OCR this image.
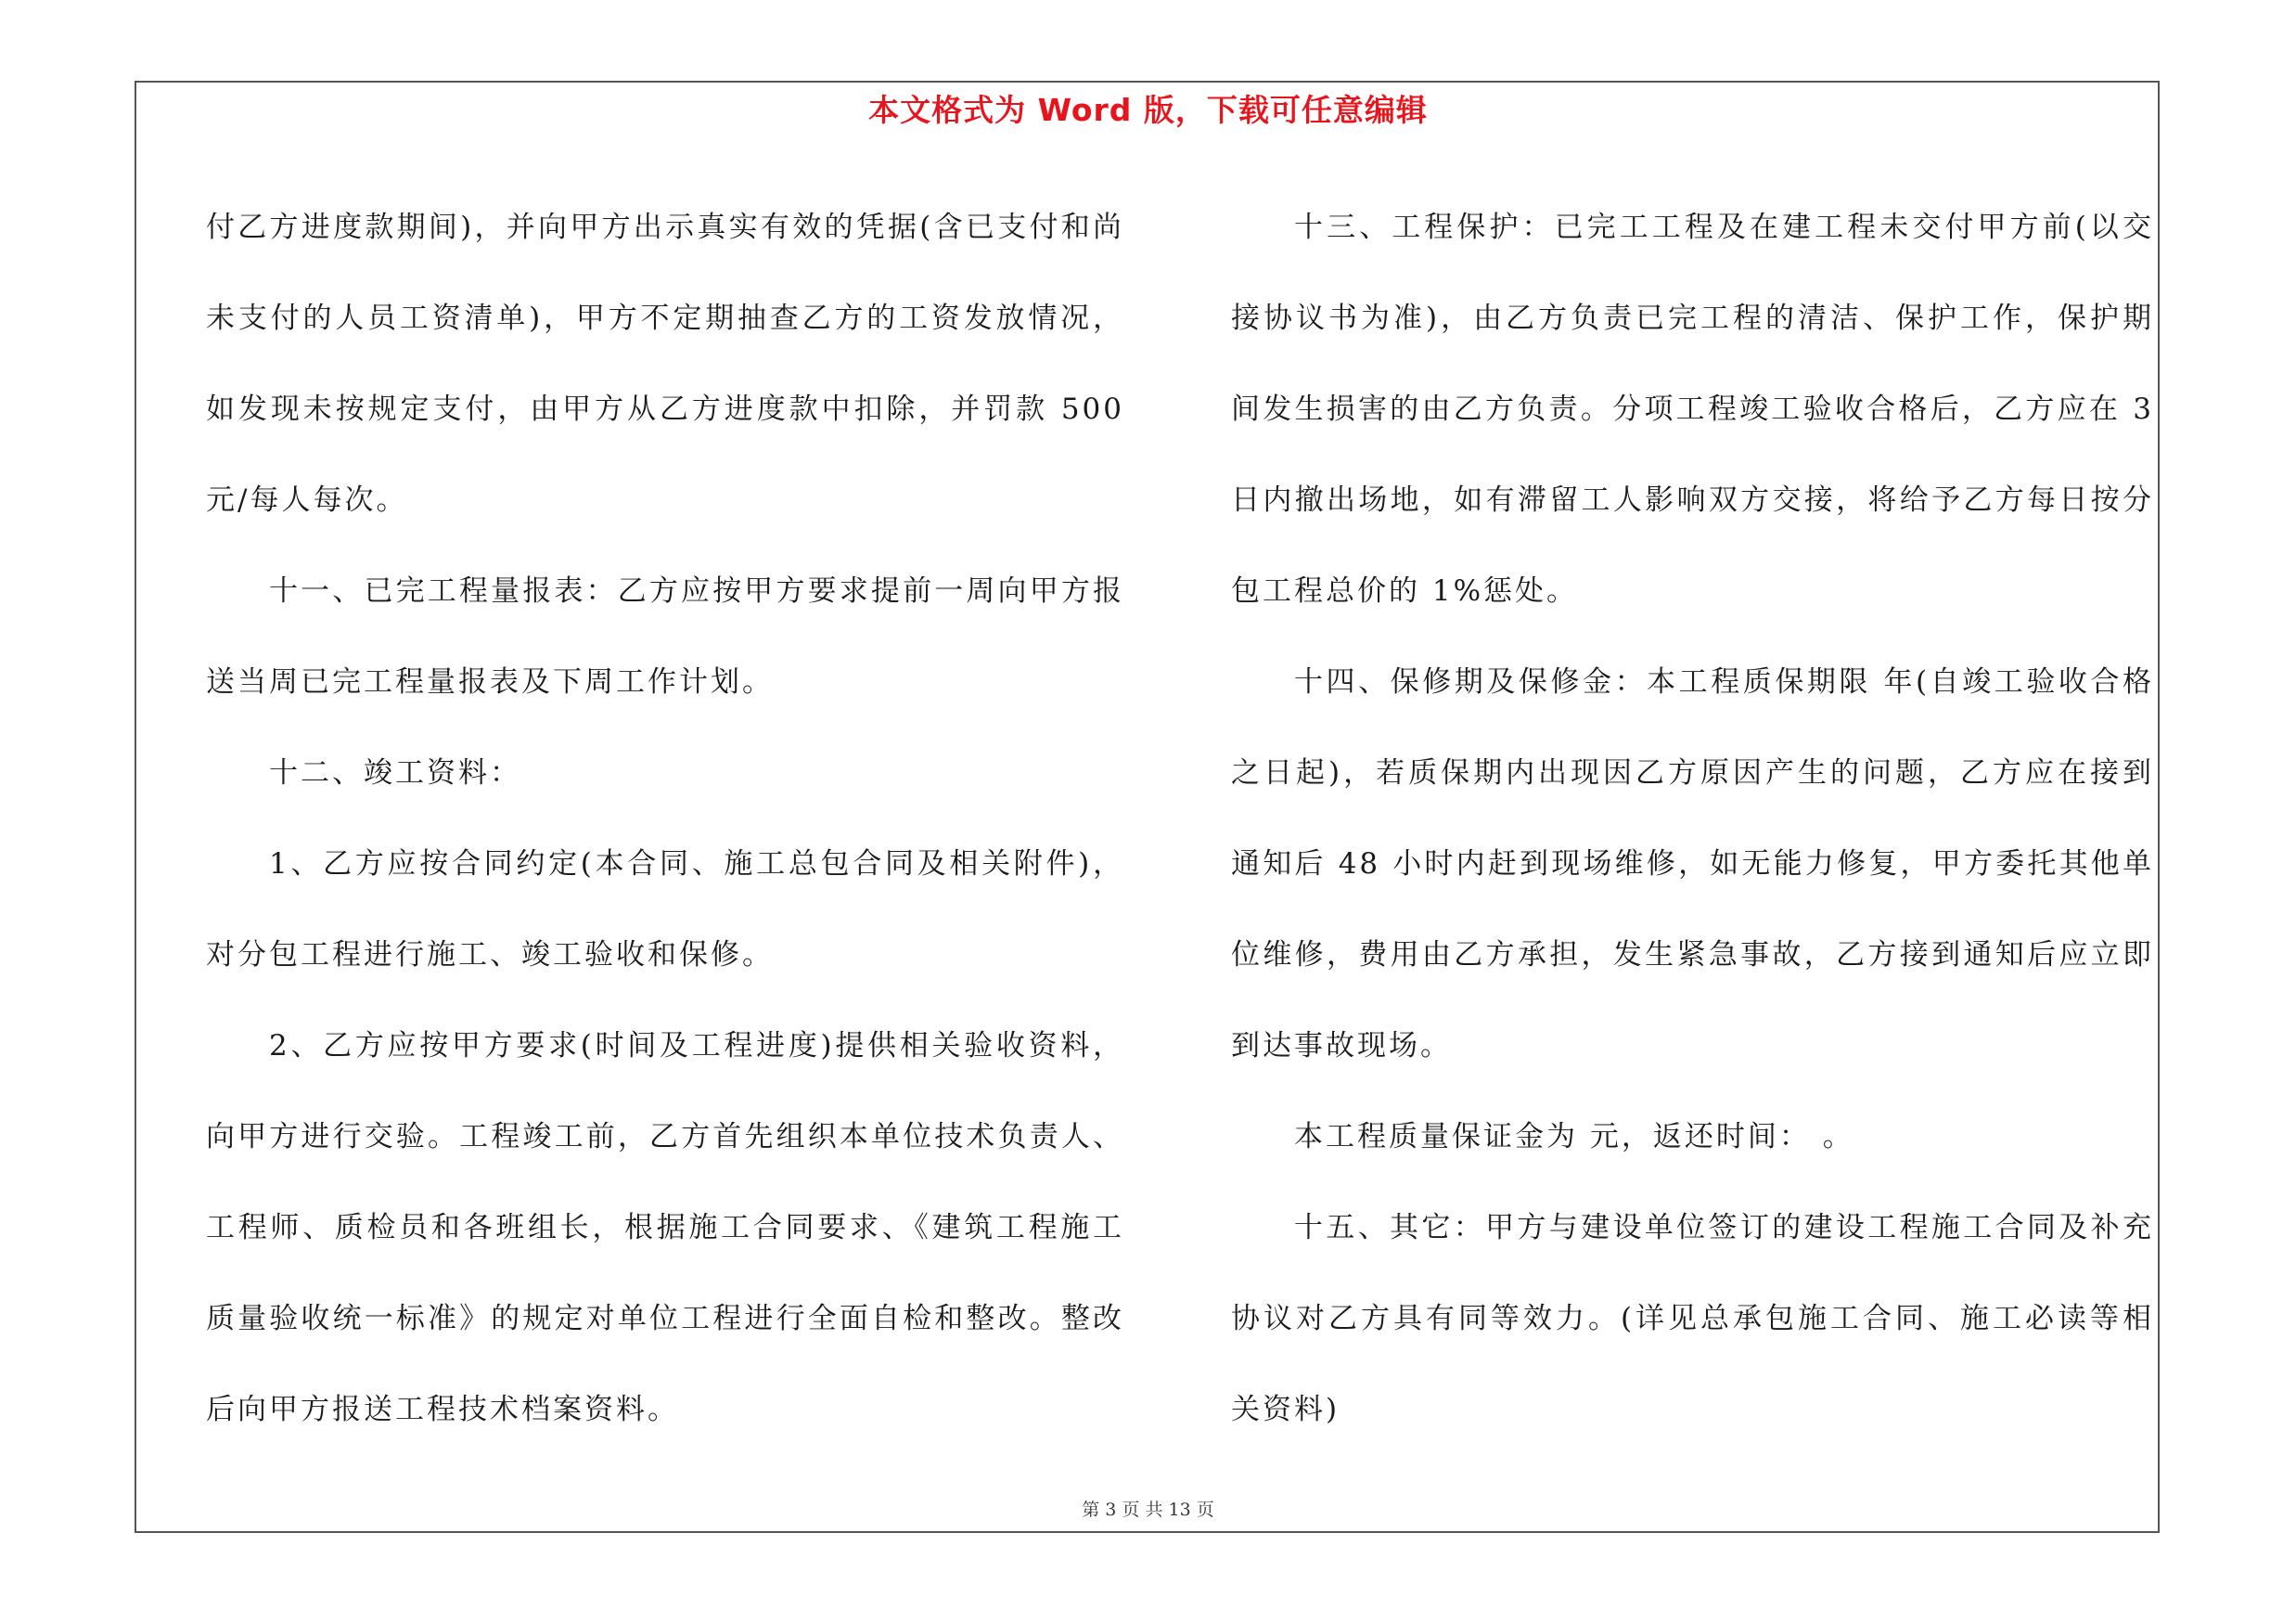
本文格式为 Word 版，下载可任意编辑

付乙方进度款期间)，并向甲方出示真实有效的凭据(含已支付和尚未支付的人员工资清单)，甲方不定期抽查乙方的工资发放情况，如发现未按规定支付，由甲方从乙方进度款中扣除，并罚款 500 元/每人每次。

十一、已完工程量报表：乙方应按甲方要求提前一周向甲方报送当周已完工程量报表及下周工作计划。

十二、竣工资料：

1、乙方应按合同约定(本合同、施工总包合同及相关附件)，对分包工程进行施工、竣工验收和保修。

2、乙方应按甲方要求(时间及工程进度)提供相关验收资料，向甲方进行交验。工程竣工前，乙方首先组织本单位技术负责人、工程师、质检员和各班组长，根据施工合同要求、《建筑工程施工质量验收统一标准》的规定对单位工程进行全面自检和整改。整改后向甲方报送工程技术档案资料。

十三、工程保护：已完工工程及在建工程未交付甲方前(以交接协议书为准)，由乙方负责已完工程的清洁、保护工作，保护期间发生损害的由乙方负责。分项工程竣工验收合格后，乙方应在 3 日内撤出场地，如有滞留工人影响双方交接，将给予乙方每日按分包工程总价的 1%惩处。

十四、保修期及保修金：本工程质保期限 年(自竣工验收合格之日起)，若质保期内出现因乙方原因产生的问题，乙方应在接到通知后 48 小时内赶到现场维修，如无能力修复，甲方委托其他单位维修，费用由乙方承担，发生紧急事故，乙方接到通知后应立即到达事故现场。

本工程质量保证金为 元，返还时间： 。

十五、其它：甲方与建设单位签订的建设工程施工合同及补充协议对乙方具有同等效力。(详见总承包施工合同、施工必读等相关资料)

第 3 页 共 13 页
